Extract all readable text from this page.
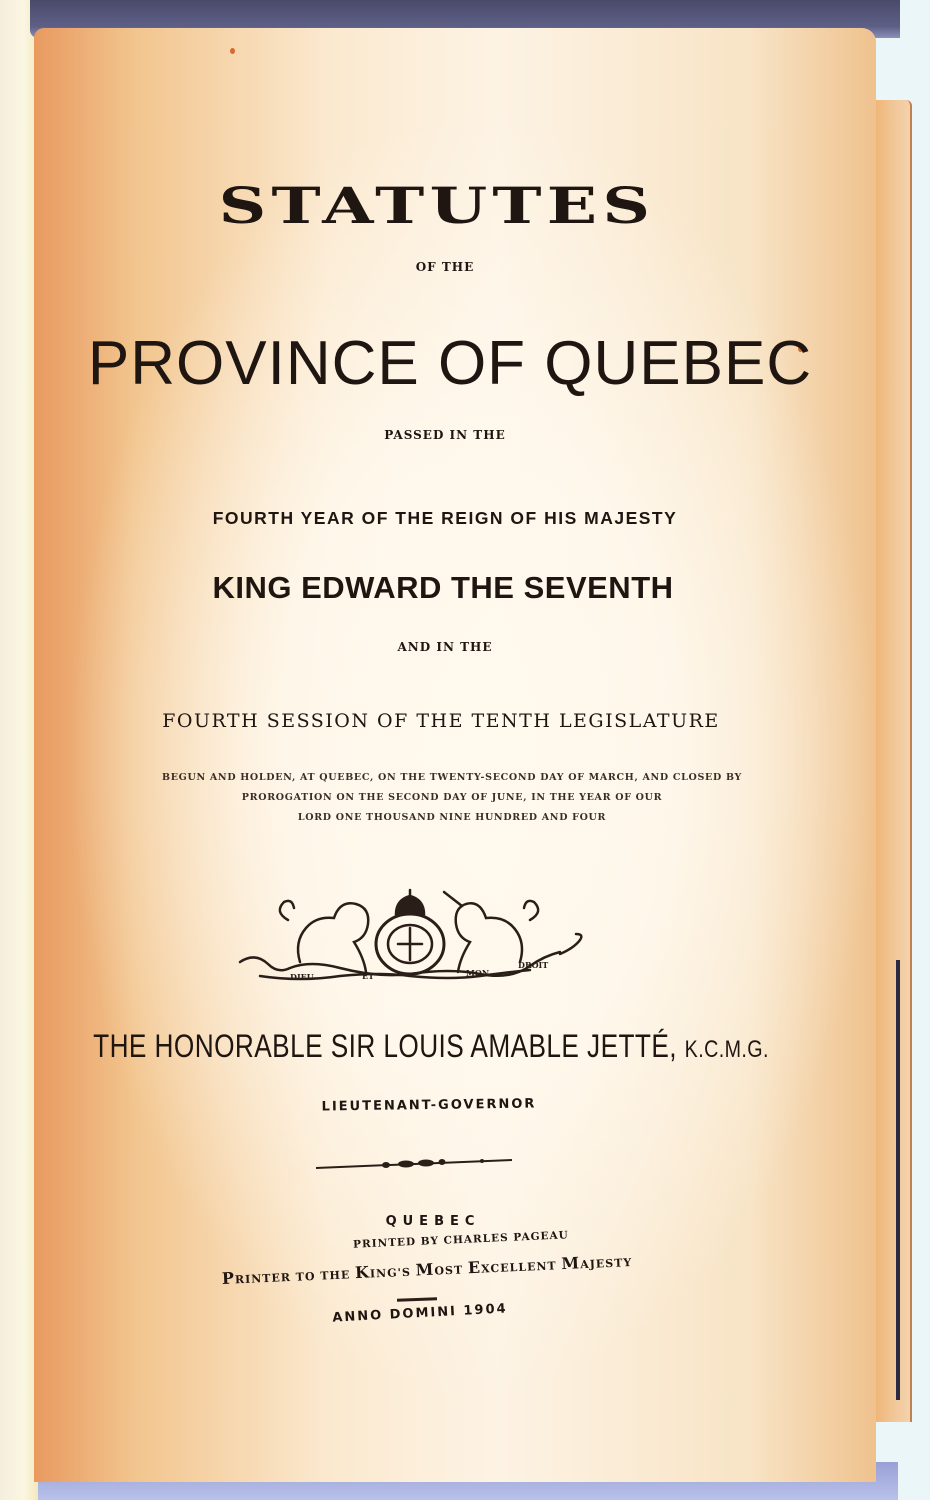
STATUTES
OF THE
PROVINCE OF QUEBEC
PASSED IN THE
FOURTH YEAR OF THE REIGN OF HIS MAJESTY
KING EDWARD THE SEVENTH
AND IN THE
FOURTH SESSION OF THE TENTH LEGISLATURE
BEGUN AND HOLDEN, AT QUEBEC, ON THE TWENTY-SECOND DAY OF MARCH, AND CLOSED BY
PROROGATION ON THE SECOND DAY OF JUNE, IN THE YEAR OF OUR
LORD ONE THOUSAND NINE HUNDRED AND FOUR
DIEU	ET	MON
DROIT
THE HONORABLE SIR LOUIS AMABLE JETTÉ, K.C.M.G.
LIEUTENANT-GOVERNOR
QUEBEC
PRINTED BY CHARLES PAGEAU
PRINTER TO THE KING'S MOST EXCELLENT MAJESTY
ANNO DOMINI 1904
